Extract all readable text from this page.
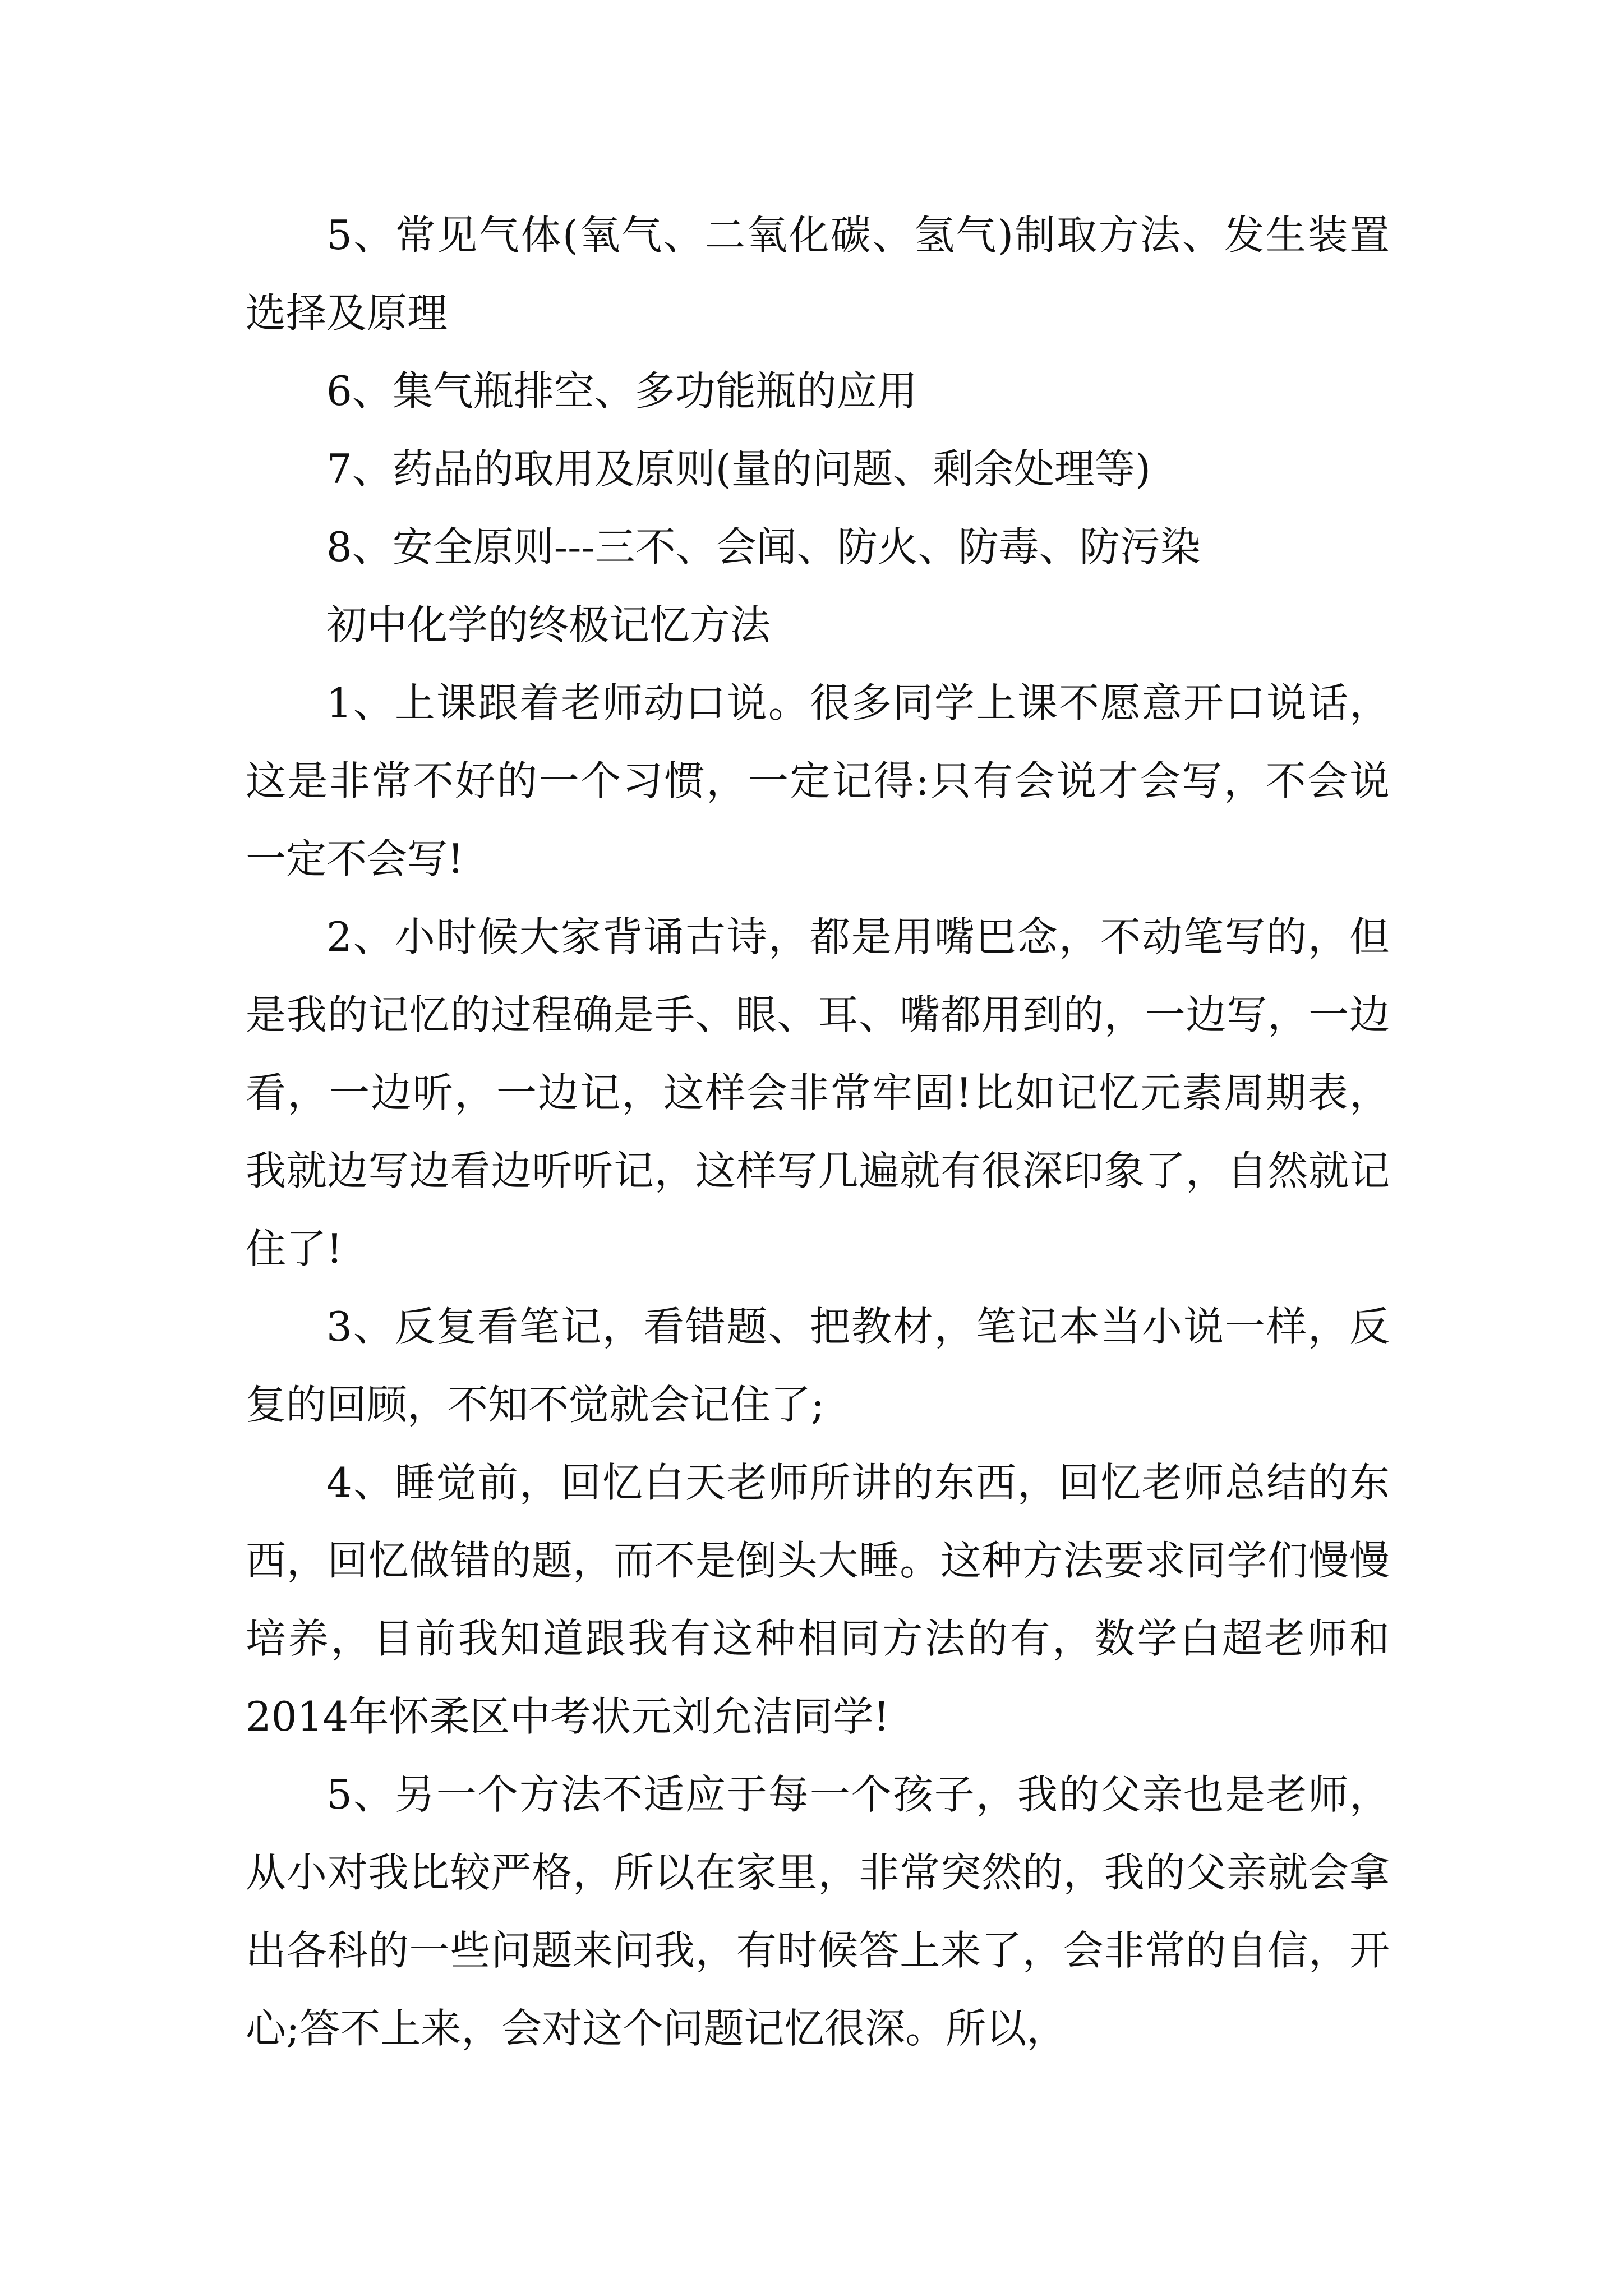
5、常见气体(氧气、二氧化碳、氢气)制取方法、发生装置选择及原理

6、集气瓶排空、多功能瓶的应用

7、药品的取用及原则(量的问题、剩余处理等)

8、安全原则---三不、会闻、防火、防毒、防污染

初中化学的终极记忆方法

1、上课跟着老师动口说。很多同学上课不愿意开口说话，这是非常不好的一个习惯，一定记得:只有会说才会写，不会说一定不会写!

2、小时候大家背诵古诗，都是用嘴巴念，不动笔写的，但是我的记忆的过程确是手、眼、耳、嘴都用到的，一边写，一边看，一边听，一边记，这样会非常牢固!比如记忆元素周期表，我就边写边看边听听记，这样写几遍就有很深印象了，自然就记住了!

3、反复看笔记，看错题、把教材，笔记本当小说一样，反复的回顾，不知不觉就会记住了;

4、睡觉前，回忆白天老师所讲的东西，回忆老师总结的东西，回忆做错的题，而不是倒头大睡。这种方法要求同学们慢慢培养，目前我知道跟我有这种相同方法的有，数学白超老师和2014年怀柔区中考状元刘允洁同学!

5、另一个方法不适应于每一个孩子，我的父亲也是老师，从小对我比较严格，所以在家里，非常突然的，我的父亲就会拿出各科的一些问题来问我，有时候答上来了，会非常的自信，开心;答不上来，会对这个问题记忆很深。所以，
